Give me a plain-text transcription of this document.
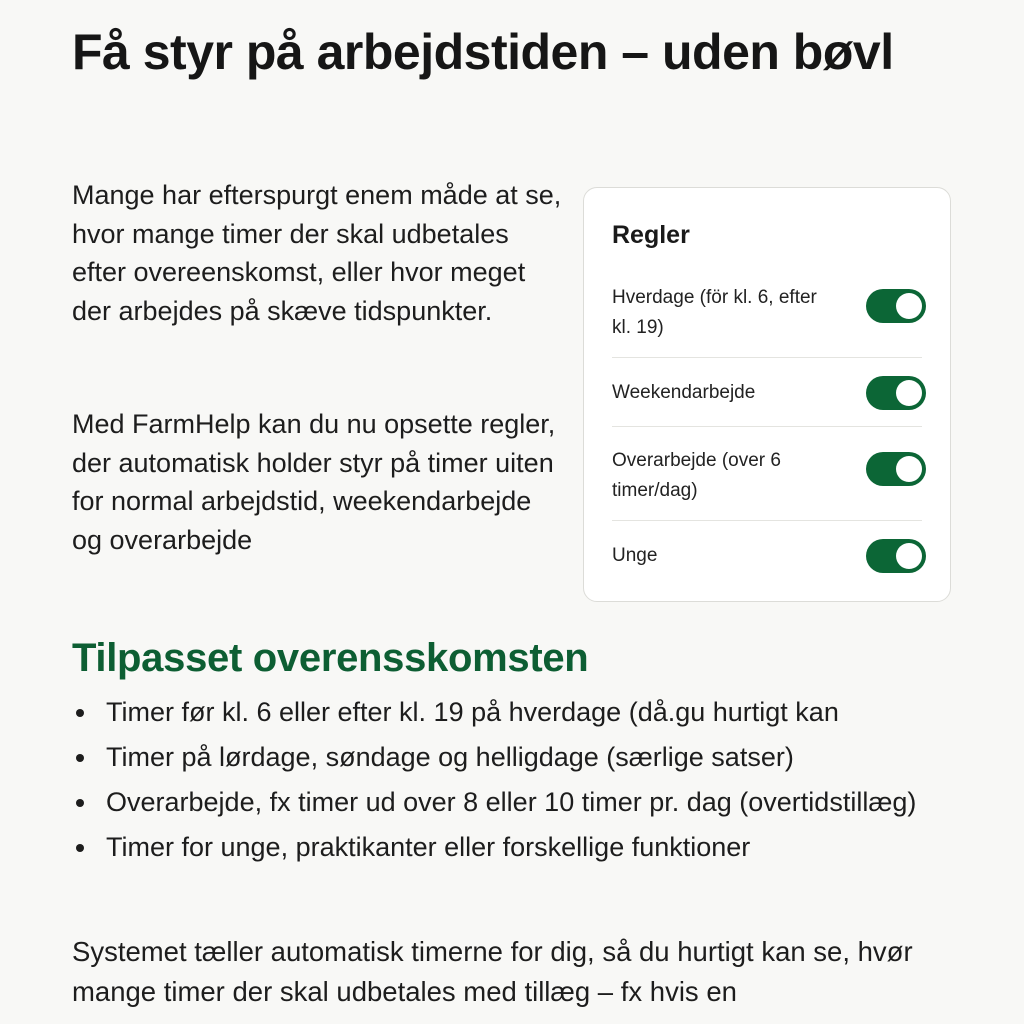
Få styr på arbejdstiden – uden bøvl

Mange har efterspurgt enem måde at se, hvor mange timer der skal udbetales efter overeenskomst, eller hvor meget der arbejdes på skæve tidspunkter.

Med FarmHelp kan du nu opsette regler, der automatisk holder styr på timer uiten for normal arbejdstid, weekendarbejde og overarbejde

Regler
Hverdage (för kl. 6, efter kl. 19)
Weekendarbejde
Overarbejde (over 6 timer/dag)
Unge
Tilpasset overensskomsten
Timer før kl. 6 eller efter kl. 19 på hverdage (då.gu hurtigt kan
Timer på lørdage, søndage og helligdage (særlige satser)
Overarbejde, fx timer ud over 8 eller 10 timer pr. dag (overtidstillæg)
Timer for unge, praktikanter eller forskellige funktioner

Systemet tæller automatisk timerne for dig, så du hurtigt kan se, hvør mange timer der skal udbetales med tillæg – fx hvis en
